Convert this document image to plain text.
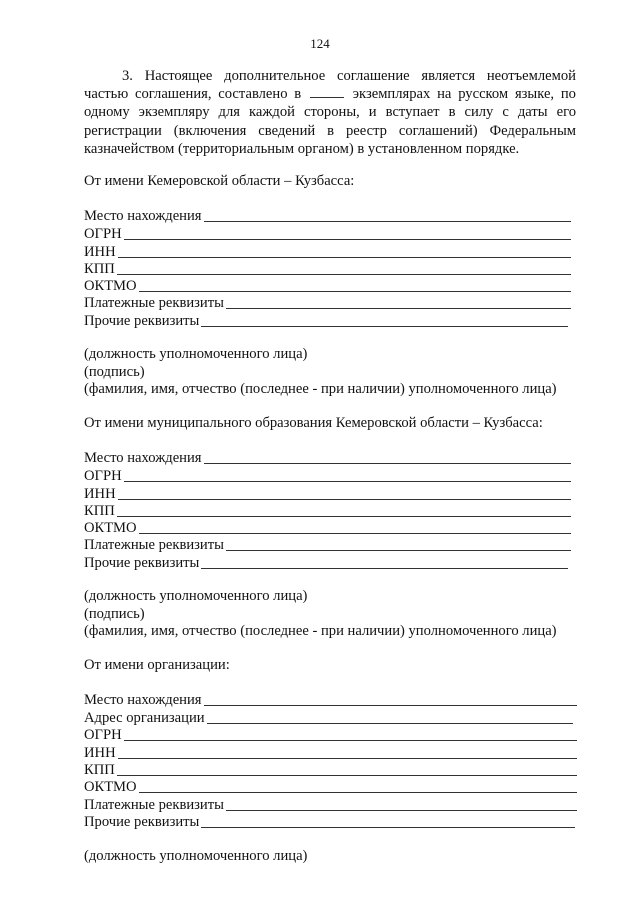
124
3. Настоящее дополнительное соглашение является неотъемлемой частью соглашения, составлено в	экземплярах на русском языке, по одному экземпляру для каждой стороны, и вступает в силу с даты его регистрации (включения сведений в реестр соглашений) Федеральным казначейством (территориальным органом) в установленном порядке.
От имени Кемеровской области – Кузбасса:
Место нахождения
ОГРН
ИНН
КПП
ОКТМО
Платежные реквизиты
Прочие реквизиты
(должность уполномоченного лица)
(подпись)
(фамилия, имя, отчество (последнее - при наличии) уполномоченного лица)
От имени муниципального образования Кемеровской области – Кузбасса:
Место нахождения
ОГРН
ИНН
КПП
ОКТМО
Платежные реквизиты
Прочие реквизиты
(должность уполномоченного лица)
(подпись)
(фамилия, имя, отчество (последнее - при наличии) уполномоченного лица)
От имени организации:
Место нахождения
Адрес организации
ОГРН
ИНН
КПП
ОКТМО
Платежные реквизиты
Прочие реквизиты
(должность уполномоченного лица)
